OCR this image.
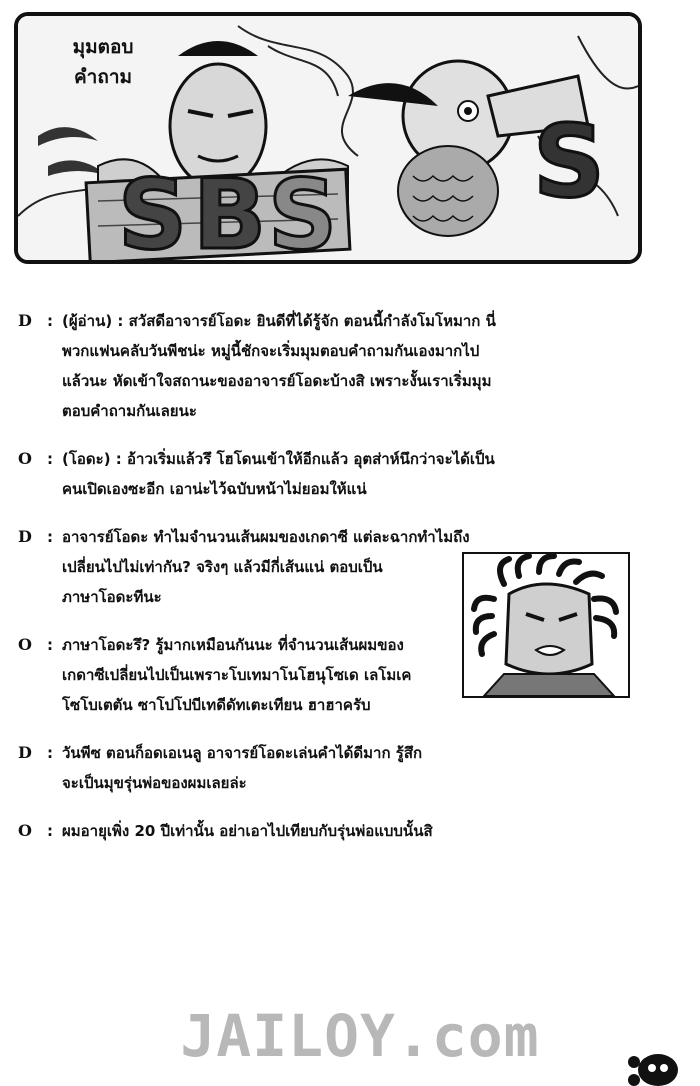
มุมตอบ
คำถาม
S B S S
D	: (ผู้อ่าน) : สวัสดีอาจารย์โอดะ ยินดีที่ได้รู้จัก ตอนนี้กำลังโมโหมาก นี่
พวกแฟนคลับวันพีชน่ะ หมู่นี้ชักจะเริ่มมุมตอบคำถามกันเองมากไป
แล้วนะ หัดเข้าใจสถานะของอาจารย์โอดะบ้างสิ เพราะงั้นเราเริ่มมุม
ตอบคำถามกันเลยนะ
O	: (โอดะ) : อ้าวเริ่มแล้วรึ โฮโดนเข้าให้อีกแล้ว อุตส่าห์นึกว่าจะได้เป็น
คนเปิดเองซะอีก เอาน่ะไว้ฉบับหน้าไม่ยอมให้แน่
D	: อาจารย์โอดะ ทำไมจำนวนเส้นผมของเกดาซี แต่ละฉากทำไมถึง
เปลี่ยนไปไม่เท่ากัน? จริงๆ แล้วมีกี่เส้นแน่ ตอบเป็น
ภาษาโอดะทีนะ
O	: ภาษาโอดะรึ? รู้มากเหมือนกันนะ ที่จำนวนเส้นผมของ
เกดาซีเปลี่ยนไปเป็นเพราะโบเทมาโนโฮนุโซเด เลโมเค
โซโบเตตัน ซาโปโปบีเทดีดัทเตะเทียน ฮาฮาครับ
D	: วันพีซ ตอนก็อดเอเนลู อาจารย์โอดะเล่นคำได้ดีมาก รู้สึก
จะเป็นมุขรุ่นพ่อของผมเลยล่ะ
O	: ผมอายุเพิ่ง 20 ปีเท่านั้น อย่าเอาไปเทียบกับรุ่นพ่อแบบนั้นสิ
JAILOY.com
